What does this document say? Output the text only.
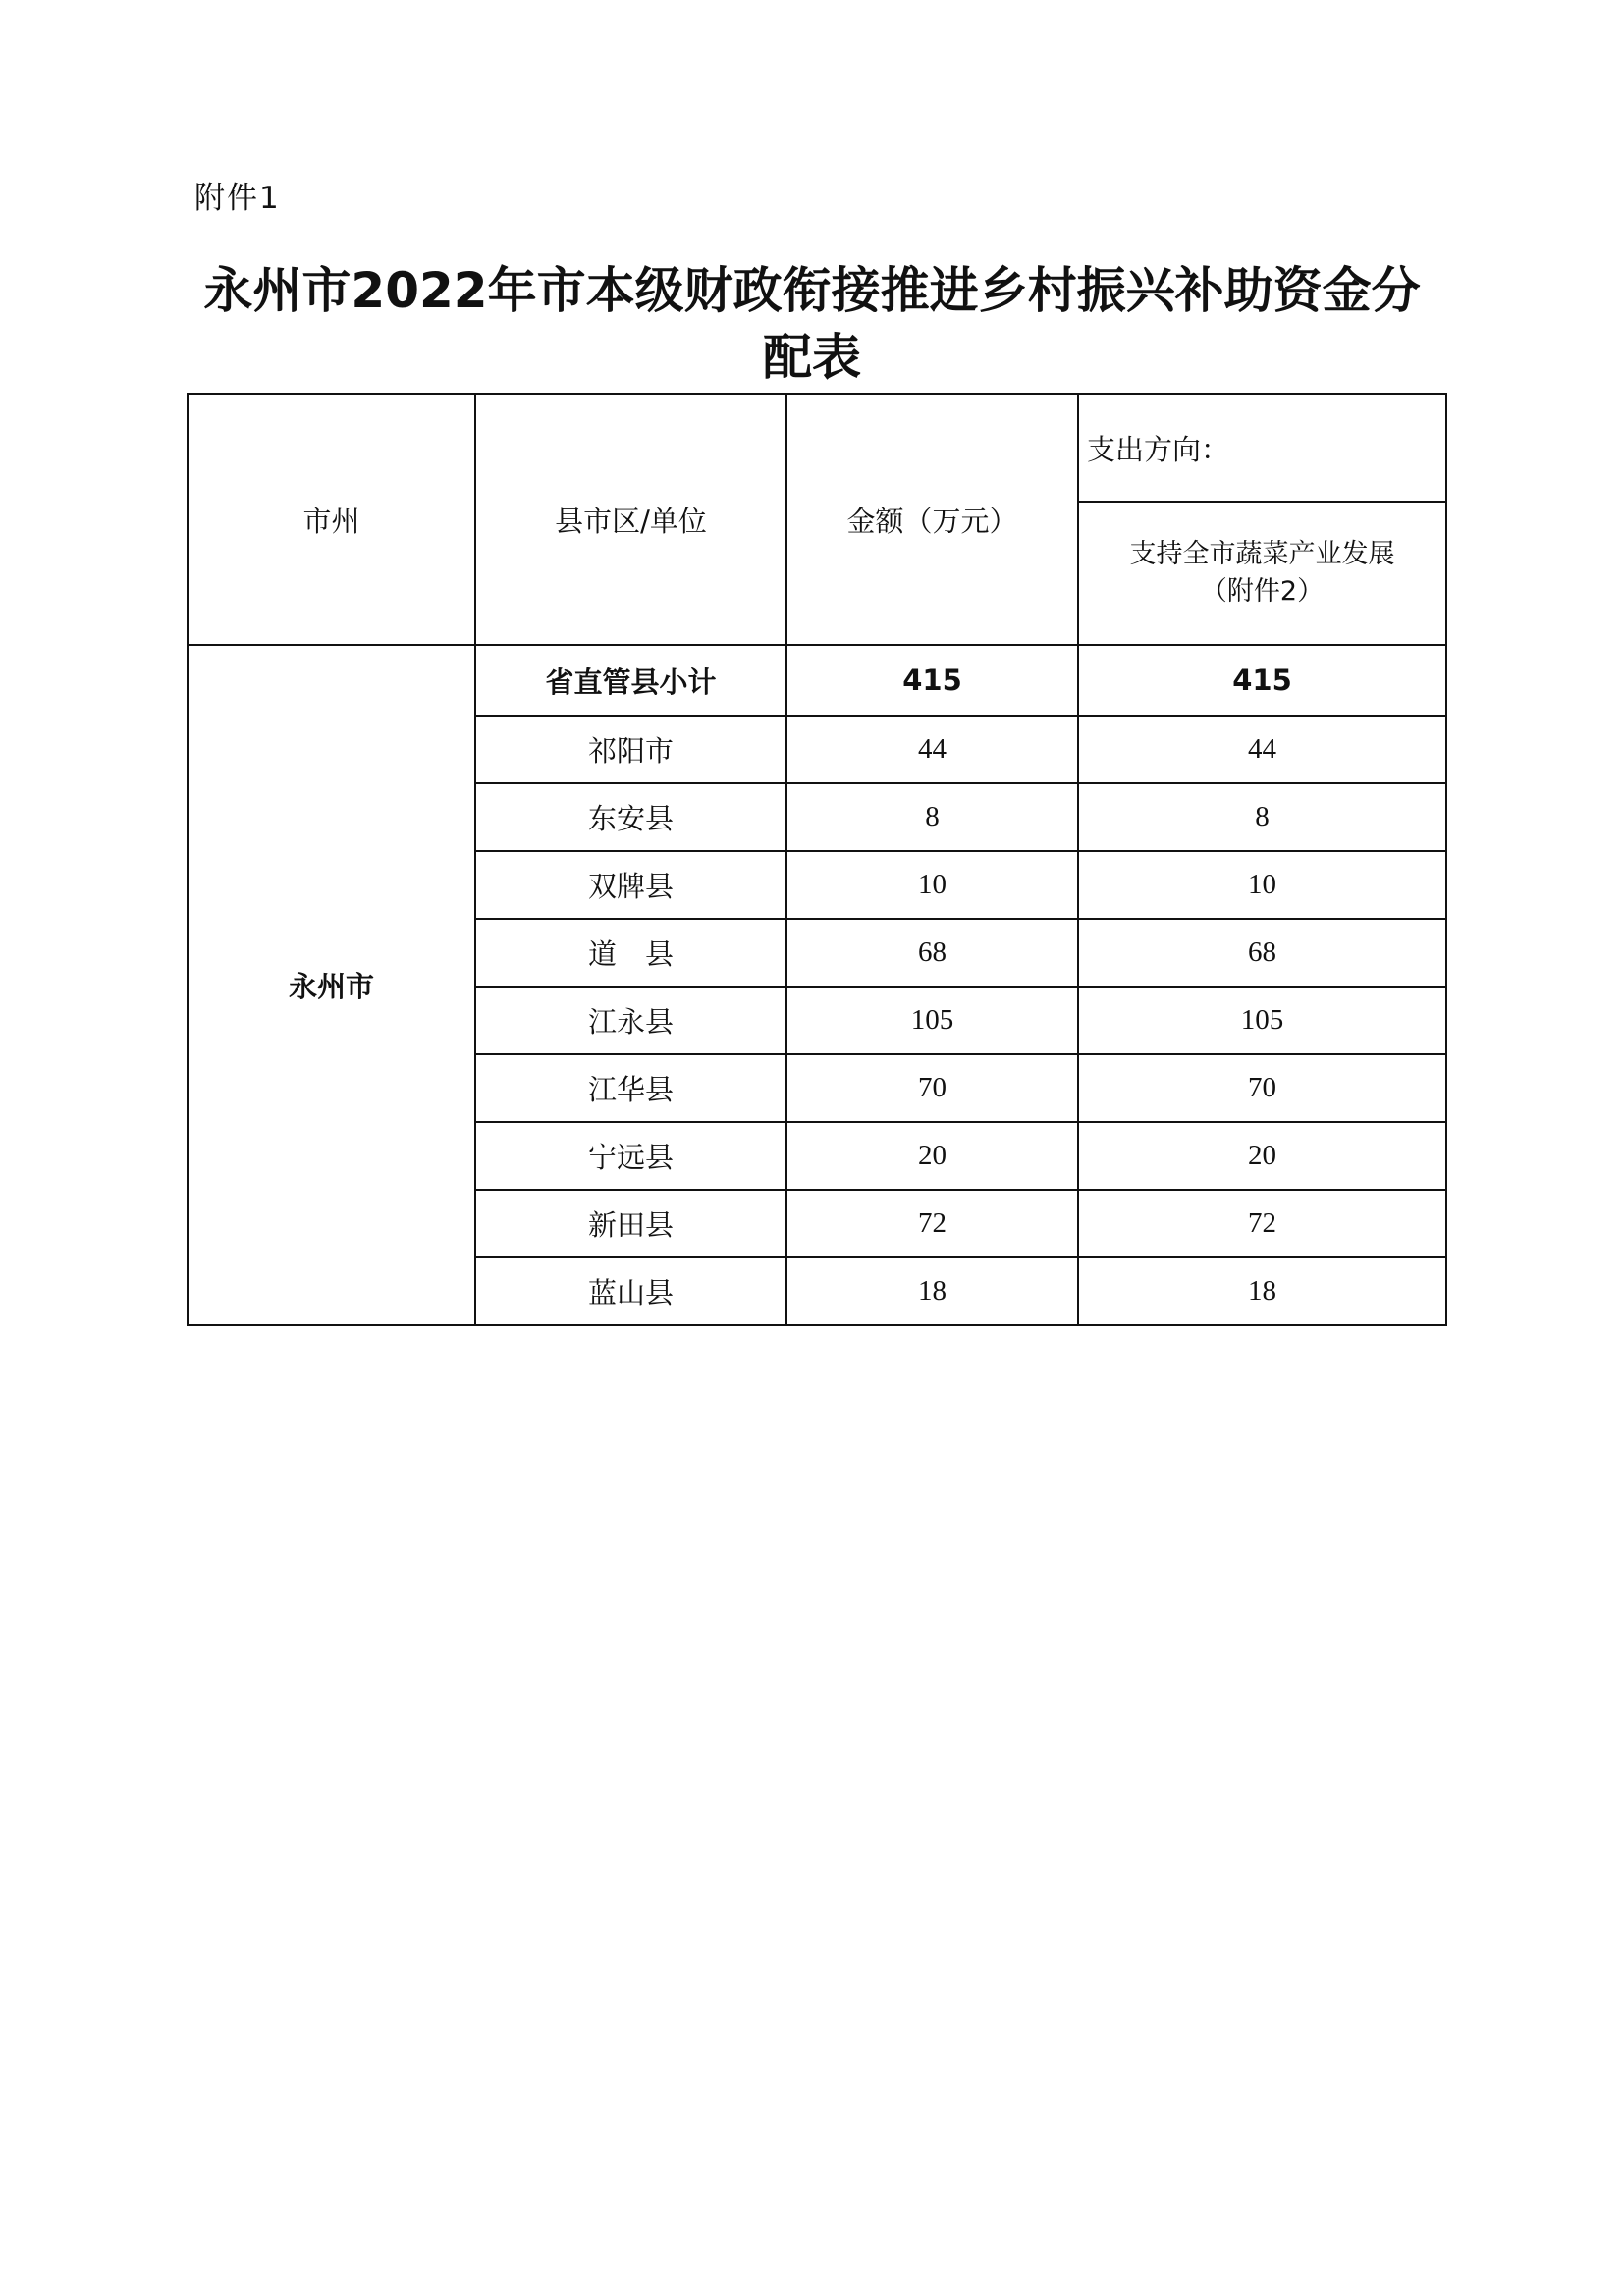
附件1
永州市2022年市本级财政衔接推进乡村振兴补助资金分
配表
市州	县市区/单位	金额（万元）	支出方向：

			支持全市蔬菜产业发展
（附件2）

永州市	省直管县小计	415	415
	祁阳市	44	44
	东安县	8	8
	双牌县	10	10
	道　县	68	68
	江永县	105	105
	江华县	70	70
	宁远县	20	20
	新田县	72	72
	蓝山县	18	18
